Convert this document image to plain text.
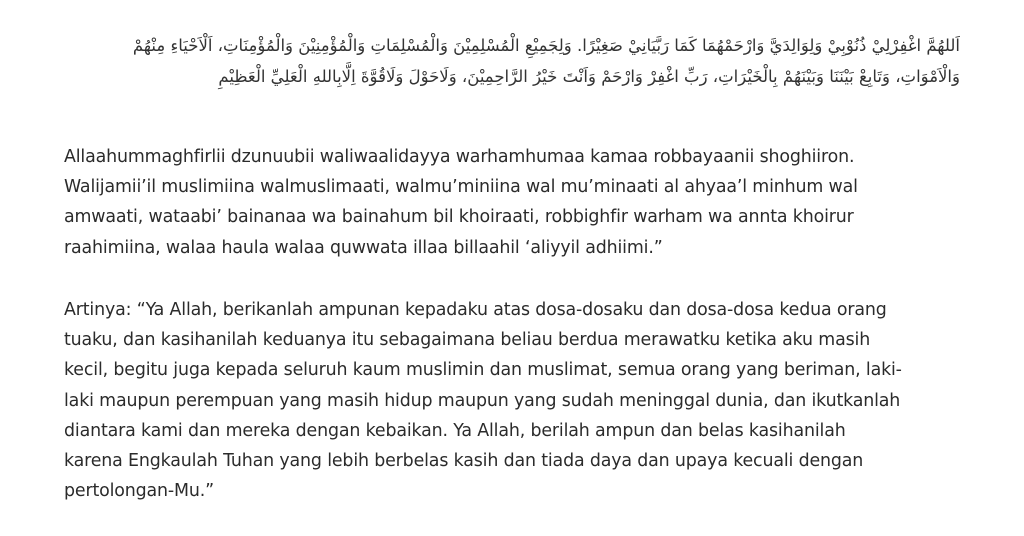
اَللهُمَّ اغْفِرْلِيْ ذُنُوْبِيْ وَلِوَالِدَيَّ وَارْحَمْهُمَا كَمَا رَبَّيَانِيْ صَغِيْرًا. وَلِجَمِيْعِ الْمُسْلِمِيْنَ وَالْمُسْلِمَاتِ وَالْمُؤْمِنِيْنَ وَالْمُؤْمِنَاتِ، اَلْاَحْيَاءِ مِنْهُمْ
وَالْاَمْوَاتِ، وَتَابِعْ بَيْنَنَا وَبَيْنَهُمْ بِالْخَيْرَاتِ، رَبِّ اغْفِرْ وَارْحَمْ وَاَنْتَ خَيْرُ الرَّاحِمِيْنَ، وَلَاحَوْلَ وَلَاقُوَّةَ اِلَّابِاللهِ الْعَلِيِّ الْعَظِيْمِ
Allaahummaghfirlii dzunuubii waliwaalidayya warhamhumaa kamaa robbayaanii shoghiiron.
Walijamii’il muslimiina walmuslimaati, walmu’miniina wal mu’minaati al ahyaa’l minhum wal
amwaati, wataabi’ bainanaa wa bainahum bil khoiraati, robbighfir warham wa annta khoirur
raahimiina, walaa haula walaa quwwata illaa billaahil ‘aliyyil adhiimi.”
Artinya: “Ya Allah, berikanlah ampunan kepadaku atas dosa-dosaku dan dosa-dosa kedua orang
tuaku, dan kasihanilah keduanya itu sebagaimana beliau berdua merawatku ketika aku masih
kecil, begitu juga kepada seluruh kaum muslimin dan muslimat, semua orang yang beriman, laki-
laki maupun perempuan yang masih hidup maupun yang sudah meninggal dunia, dan ikutkanlah
diantara kami dan mereka dengan kebaikan. Ya Allah, berilah ampun dan belas kasihanilah
karena Engkaulah Tuhan yang lebih berbelas kasih dan tiada daya dan upaya kecuali dengan
pertolongan-Mu.”
